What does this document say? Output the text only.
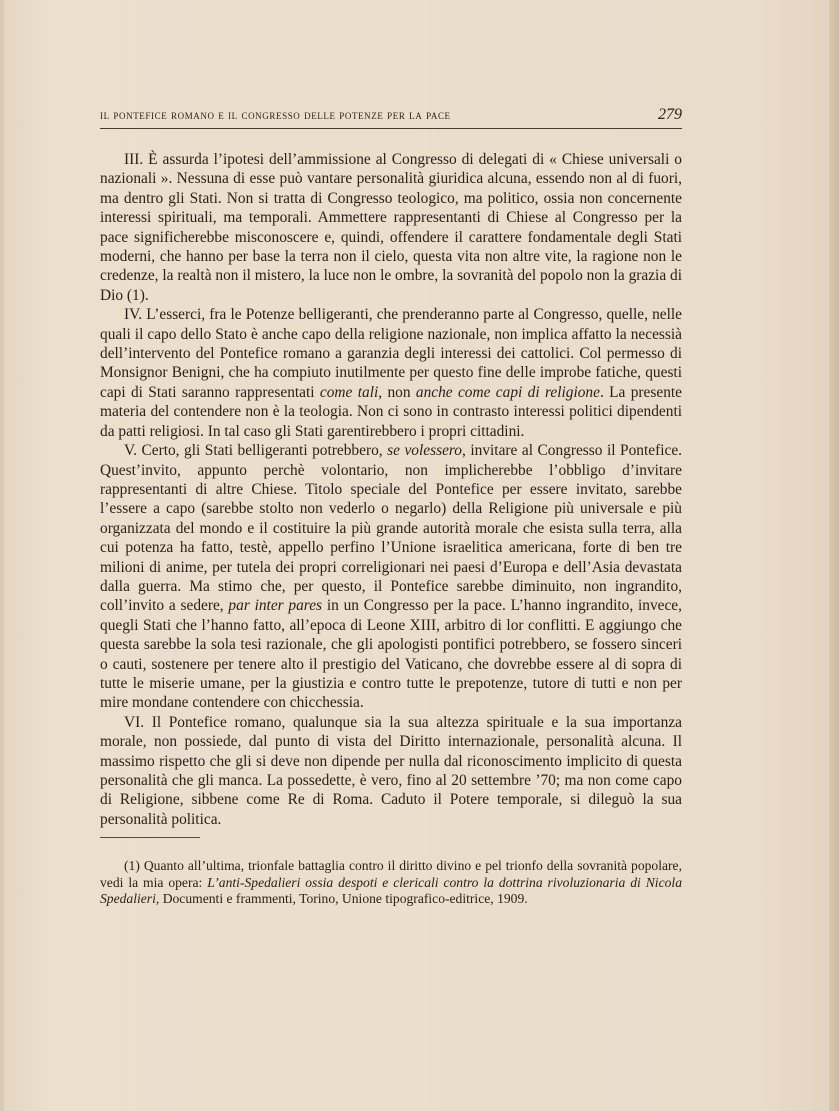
il pontefice romano e il congresso delle potenze per la pace	279

III. È assurda l’ipotesi dell’ammissione al Congresso di delegati di « Chiese universali o nazionali ». Nessuna di esse può vantare personalità giuridica alcuna, essendo non al di fuori, ma dentro gli Stati. Non si tratta di Congresso teologico, ma politico, ossia non concernente interessi spirituali, ma temporali. Ammettere rappresentanti di Chiese al Congresso per la pace significherebbe misconoscere e, quindi, offendere il carattere fondamentale degli Stati moderni, che hanno per base la terra non il cielo, questa vita non altre vite, la ragione non le credenze, la realtà non il mistero, la luce non le ombre, la sovranità del popolo non la grazia di Dio (1).

IV. L’esserci, fra le Potenze belligeranti, che prenderanno parte al Congresso, quelle, nelle quali il capo dello Stato è anche capo della religione nazionale, non implica affatto la necessià dell’intervento del Pontefice romano a garanzia degli interessi dei cattolici. Col permesso di Monsignor Benigni, che ha compiuto inutilmente per questo fine delle improbe fatiche, questi capi di Stati saranno rappresentati come tali, non anche come capi di religione. La presente materia del contendere non è la teologia. Non ci sono in contrasto interessi politici dipendenti da patti religiosi. In tal caso gli Stati garentirebbero i propri cittadini.

V. Certo, gli Stati belligeranti potrebbero, se volessero, invitare al Congresso il Pontefice. Quest’invito, appunto perchè volontario, non implicherebbe l’obbligo d’invitare rappresentanti di altre Chiese. Titolo speciale del Pontefice per essere invitato, sarebbe l’essere a capo (sarebbe stolto non vederlo o negarlo) della Religione più universale e più organizzata del mondo e il costituire la più grande autorità morale che esista sulla terra, alla cui potenza ha fatto, testè, appello perfino l’Unione israelitica americana, forte di ben tre milioni di anime, per tutela dei propri correligionari nei paesi d’Europa e dell’Asia devastata dalla guerra. Ma stimo che, per questo, il Pontefice sarebbe diminuito, non ingrandito, coll’invito a sedere, par inter pares in un Congresso per la pace. L’hanno ingrandito, invece, quegli Stati che l’hanno fatto, all’epoca di Leone XIII, arbitro di lor conflitti. E aggiungo che questa sarebbe la sola tesi razionale, che gli apologisti pontifici potrebbero, se fossero sinceri o cauti, sostenere per tenere alto il prestigio del Vaticano, che dovrebbe essere al di sopra di tutte le miserie umane, per la giustizia e contro tutte le prepotenze, tutore di tutti e non per mire mondane contendere con chicchessia.

VI. Il Pontefice romano, qualunque sia la sua altezza spirituale e la sua importanza morale, non possiede, dal punto di vista del Diritto internazionale, personalità alcuna. Il massimo rispetto che gli si deve non dipende per nulla dal riconoscimento implicito di questa personalità che gli manca. La possedette, è vero, fino al 20 settembre ’70; ma non come capo di Religione, sibbene come Re di Roma. Caduto il Potere temporale, si dileguò la sua personalità politica.

(1) Quanto all’ultima, trionfale battaglia contro il diritto divino e pel trionfo della sovranità popolare, vedi la mia opera: L’anti-Spedalieri ossia despoti e clericali contro la dottrina rivoluzionaria di Nicola Spedalieri, Documenti e frammenti, Torino, Unione tipografico-editrice, 1909.
